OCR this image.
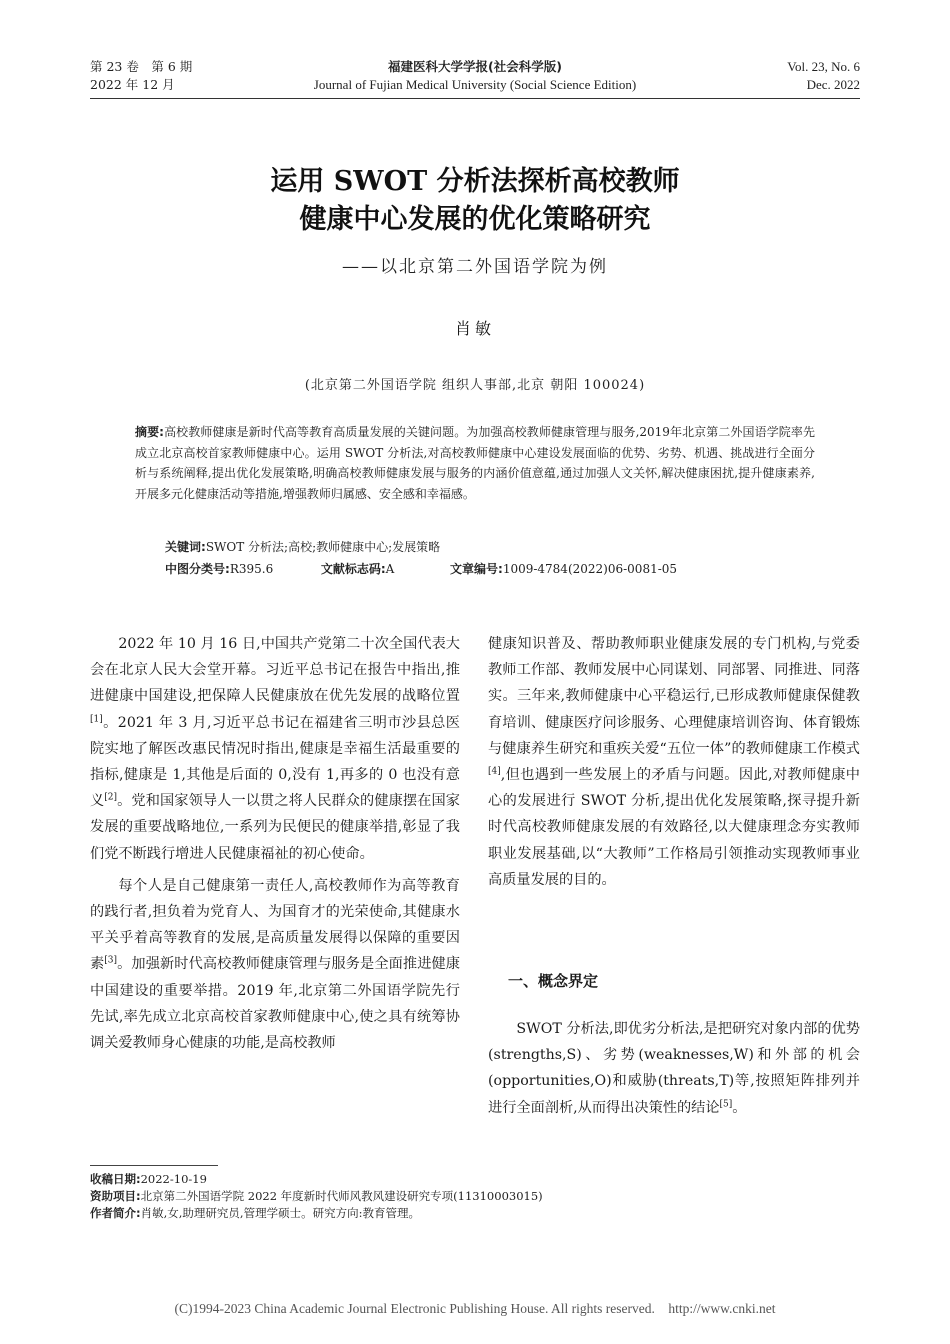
第 23 卷　第 6 期
2022 年 12 月
福建医科大学学报(社会科学版)
Journal of Fujian Medical University (Social Science Edition)
Vol. 23, No. 6
Dec. 2022
运用 SWOT 分析法探析高校教师
健康中心发展的优化策略研究
——以北京第二外国语学院为例
肖敏
(北京第二外国语学院 组织人事部,北京 朝阳 100024)
摘要:高校教师健康是新时代高等教育高质量发展的关键问题。为加强高校教师健康管理与服务,2019年北京第二外国语学院率先成立北京高校首家教师健康中心。运用 SWOT 分析法,对高校教师健康中心建设发展面临的优势、劣势、机遇、挑战进行全面分析与系统阐释,提出优化发展策略,明确高校教师健康发展与服务的内涵价值意蕴,通过加强人文关怀,解决健康困扰,提升健康素养,开展多元化健康活动等措施,增强教师归属感、安全感和幸福感。
关键词:SWOT 分析法;高校;教师健康中心;发展策略
中图分类号:R395.6	文献标志码:A	文章编号:1009-4784(2022)06-0081-05

2022 年 10 月 16 日,中国共产党第二十次全国代表大会在北京人民大会堂开幕。习近平总书记在报告中指出,推进健康中国建设,把保障人民健康放在优先发展的战略位置[1]。2021 年 3 月,习近平总书记在福建省三明市沙县总医院实地了解医改惠民情况时指出,健康是幸福生活最重要的指标,健康是 1,其他是后面的 0,没有 1,再多的 0 也没有意义[2]。党和国家领导人一以贯之将人民群众的健康摆在国家发展的重要战略地位,一系列为民便民的健康举措,彰显了我们党不断践行增进人民健康福祉的初心使命。

每个人是自己健康第一责任人,高校教师作为高等教育的践行者,担负着为党育人、为国育才的光荣使命,其健康水平关乎着高等教育的发展,是高质量发展得以保障的重要因素[3]。加强新时代高校教师健康管理与服务是全面推进健康中国建设的重要举措。2019 年,北京第二外国语学院先行先试,率先成立北京高校首家教师健康中心,使之具有统筹协调关爱教师身心健康的功能,是高校教师

健康知识普及、帮助教师职业健康发展的专门机构,与党委教师工作部、教师发展中心同谋划、同部署、同推进、同落实。三年来,教师健康中心平稳运行,已形成教师健康保健教育培训、健康医疗问诊服务、心理健康培训咨询、体育锻炼与健康养生研究和重疾关爱“五位一体”的教师健康工作模式[4],但也遇到一些发展上的矛盾与问题。因此,对教师健康中心的发展进行 SWOT 分析,提出优化发展策略,探寻提升新时代高校教师健康发展的有效路径,以大健康理念夯实教师职业发展基础,以“大教师”工作格局引领推动实现教师事业高质量发展的目的。

一、概念界定

SWOT 分析法,即优劣分析法,是把研究对象内部的优势(strengths,S)、劣势(weaknesses,W)和外部的机会(opportunities,O)和威胁(threats,T)等,按照矩阵排列并进行全面剖析,从而得出决策性的结论[5]。

收稿日期:2022-10-19
资助项目:北京第二外国语学院 2022 年度新时代师风教风建设研究专项(11310003015)
作者简介:肖敏,女,助理研究员,管理学硕士。研究方向:教育管理。
(C)1994-2023 China Academic Journal Electronic Publishing House. All rights reserved.　http://www.cnki.net
